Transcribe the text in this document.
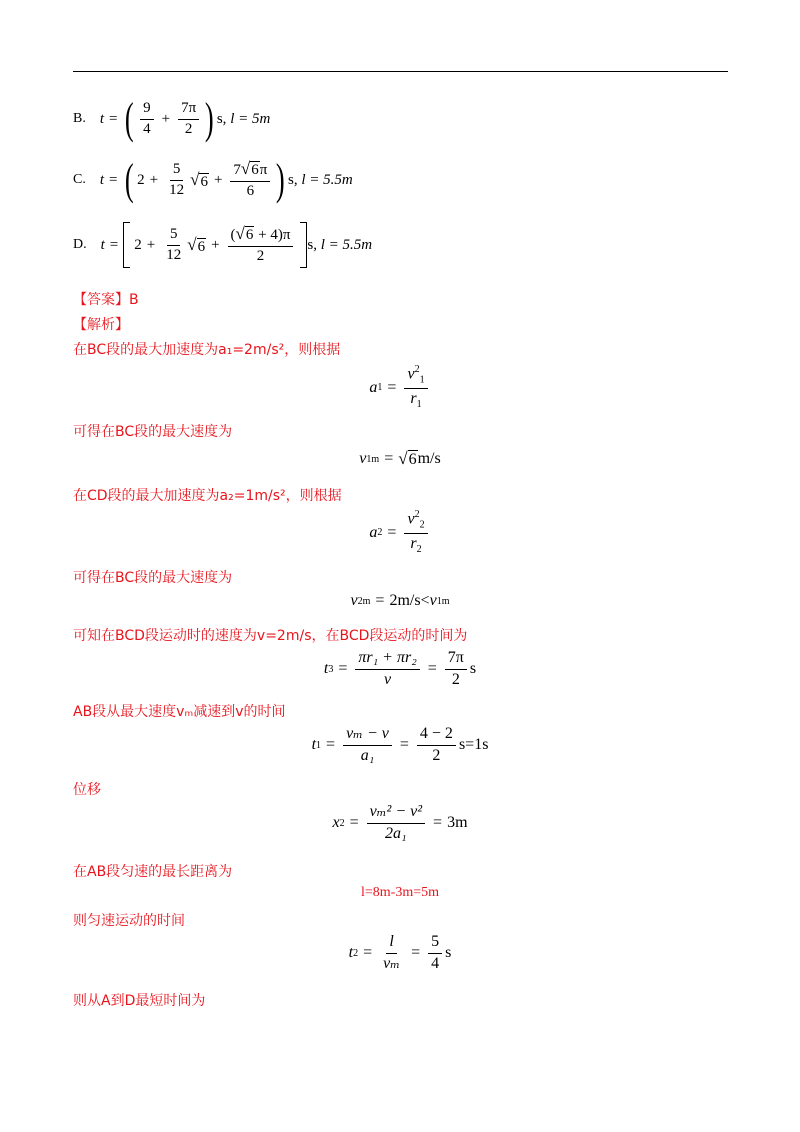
B. t = ( $\frac{9}{4} + \frac{7\pi}{2}$ ) s,
l = 5m
C. t = ( $2 + \frac{5}{12}$ √ $6 + \frac{7 √ 6 \pi}{6}$ ) s,
l = 5.5m
D. $t = 2 + \frac{5}{12}$ √ $6 + \frac{( √ 6 + 4)\pi}{2} s$,
l = 5.5m
【答案】B
【解析】
在BC段的最大加速度为a₁=2m/s²，则根据
a $1 = \frac{v^2_1}{r_1}$
可得在BC段的最大速度为
v 1m = √ 6 m/s
在CD段的最大加速度为a₂=1m/s²，则根据
a $2 = \frac{v^2_2}{r_2}$
可得在BC段的最大速度为
v 2m = 2m/s< v 1m
可知在BCD段运动时的速度为v=2m/s，在BCD段运动的时间为
t $3 = \frac{\text{πr₁ + πr₂}}{v} = \frac{7\pi}{2}$ s
AB段从最大速度vₘ减速到v的时间
t $1 = \frac{\text{vₘ − v}}{\text{a₁}} = \frac{4 - 2}{2} s=1s$
位移
x $2 = \frac{\text{vₘ² − v²}}{\text{2a₁}} = 3m$
在AB段匀速的最长距离为
l=8m-3m=5m
则匀速运动的时间
t $2 = \frac{l}{\text{vₘ}} = \frac{5}{4}$ s
则从A到D最短时间为
